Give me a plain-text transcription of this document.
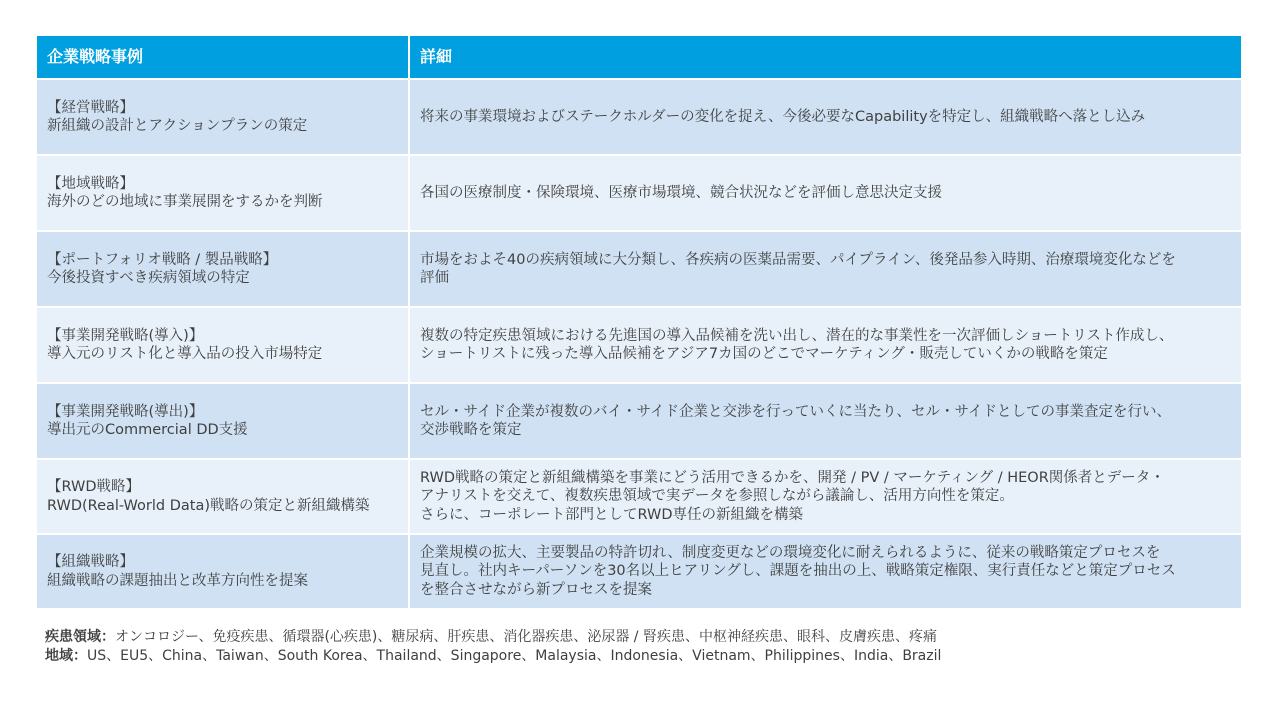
企業戦略事例	詳細

【経営戦略】
新組織の設計とアクションプランの策定	将来の事業環境およびステークホルダーの変化を捉え、今後必要なCapabilityを特定し、組織戦略へ落とし込み

【地域戦略】
海外のどの地域に事業展開をするかを判断	各国の医療制度・保険環境、医療市場環境、競合状況などを評価し意思決定支援

【ポートフォリオ戦略 / 製品戦略】
今後投資すべき疾病領域の特定	市場をおよそ40の疾病領域に大分類し、各疾病の医薬品需要、パイプライン、後発品参入時期、治療環境変化などを
評価

【事業開発戦略(導入)】
導入元のリスト化と導入品の投入市場特定	複数の特定疾患領域における先進国の導入品候補を洗い出し、潜在的な事業性を一次評価しショートリスト作成し、
ショートリストに残った導入品候補をアジア7カ国のどこでマーケティング・販売していくかの戦略を策定

【事業開発戦略(導出)】
導出元のCommercial DD支援	セル・サイド企業が複数のバイ・サイド企業と交渉を行っていくに当たり、セル・サイドとしての事業査定を行い、
交渉戦略を策定

【RWD戦略】
RWD(Real-World Data)戦略の策定と新組織構築	RWD戦略の策定と新組織構築を事業にどう活用できるかを、開発 / PV / マーケティング / HEOR関係者とデータ・
アナリストを交えて、複数疾患領域で実データを参照しながら議論し、活用方向性を策定。
さらに、コーポレート部門としてRWD専任の新組織を構築

【組織戦略】
組織戦略の課題抽出と改革方向性を提案	企業規模の拡大、主要製品の特許切れ、制度変更などの環境変化に耐えられるように、従来の戦略策定プロセスを
見直し。社内キーパーソンを30名以上ヒアリングし、課題を抽出の上、戦略策定権限、実行責任などと策定プロセス
を整合させながら新プロセスを提案
疾患領域：オンコロジー、免疫疾患、循環器(心疾患)、糖尿病、肝疾患、消化器疾患、泌尿器 / 腎疾患、中枢神経疾患、眼科、皮膚疾患、疼痛
地域：US、EU5、China、Taiwan、South Korea、Thailand、Singapore、Malaysia、Indonesia、Vietnam、Philippines、India、Brazil
